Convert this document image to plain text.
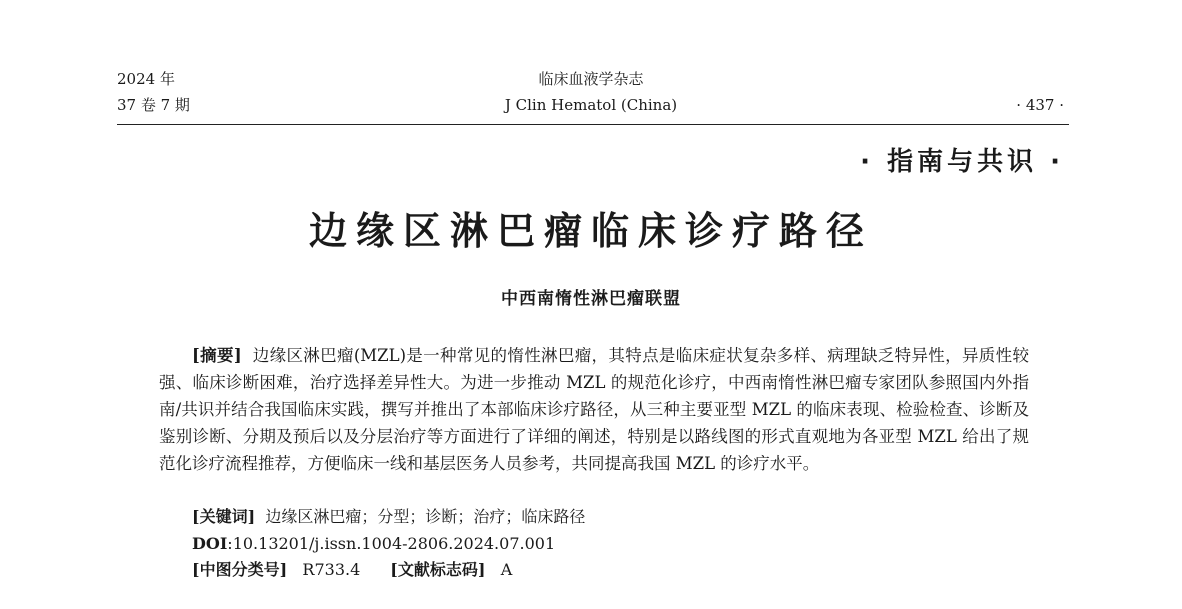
2024 年
37 卷 7 期
临床血液学杂志
J Clin Hematol (China)	· 437 ·
· 指南与共识 ·
边缘区淋巴瘤临床诊疗路径
中西南惰性淋巴瘤联盟
[摘要] 边缘区淋巴瘤(MZL)是一种常见的惰性淋巴瘤，其特点是临床症状复杂多样、病理缺乏特异性，异质性较强、临床诊断困难，治疗选择差异性大。为进一步推动 MZL 的规范化诊疗，中西南惰性淋巴瘤专家团队参照国内外指南/共识并结合我国临床实践，撰写并推出了本部临床诊疗路径，从三种主要亚型 MZL 的临床表现、检验检查、诊断及鉴别诊断、分期及预后以及分层治疗等方面进行了详细的阐述，特别是以路线图的形式直观地为各亚型 MZL 给出了规范化诊疗流程推荐，方便临床一线和基层医务人员参考，共同提高我国 MZL 的诊疗水平。
[关键词] 边缘区淋巴瘤；分型；诊断；治疗；临床路径
DOI:10.13201/j.issn.1004-2806.2024.07.001
[中图分类号] R733.4 [文献标志码] A
